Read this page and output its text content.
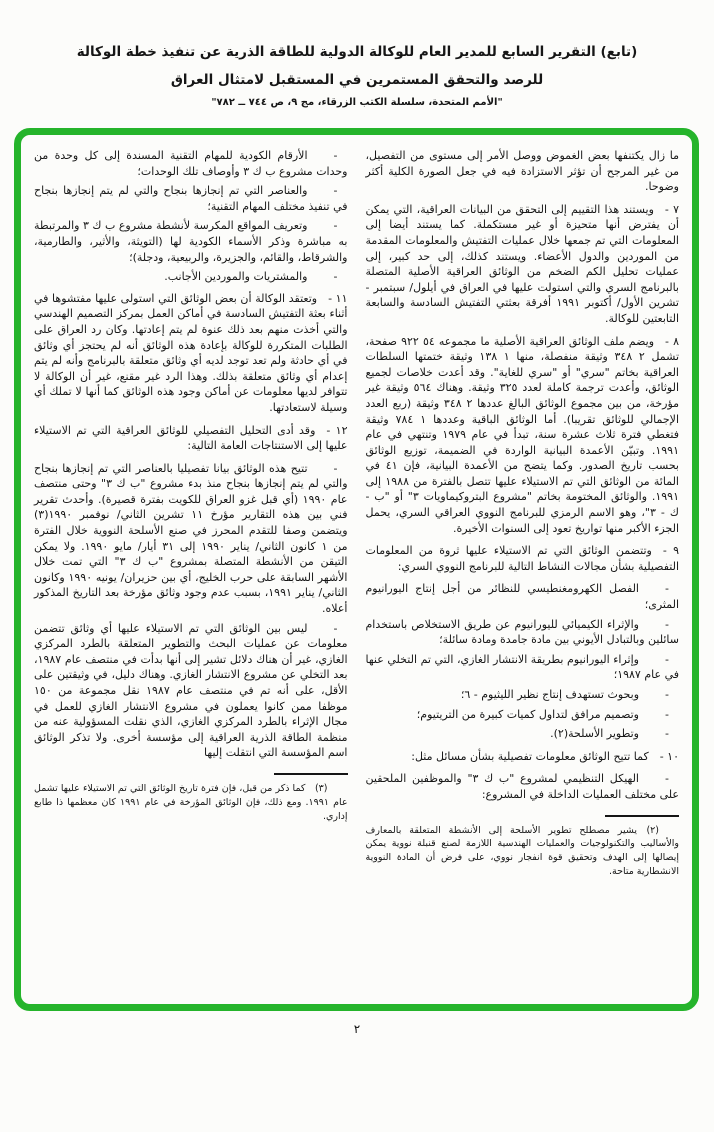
(تابع) التقرير السابع للمدير العام للوكالة الدولية للطاقة الذرية عن تنفيذ خطة الوكالة

للرصد والتحقق المستمرين في المستقبل لامتثال العراق

"الأمم المتحدة، سلسلة الكتب الزرقاء، مج ٩، ص ٧٤٤ ــ ٧٨٢"

ما زال يكتنفها بعض الغموض ووصل الأمر إلى مستوى من التفصيل، من غير المرجح أن تؤثر الاستزادة فيه في جعل الصورة الكلية أكثر وضوحا.

٧ - ويستند هذا التقييم إلى التحقق من البيانات العراقية، التي يمكن أن يفترض أنها متحيزة أو غير مستكملة. كما يستند أيضا إلى المعلومات التي تم جمعها خلال عمليات التفتيش والمعلومات المقدمة من الموردين والدول الأعضاء. ويستند كذلك، إلى حد كبير، إلى عمليات تحليل الكم الضخم من الوثائق العراقية الأصلية المتصلة بالبرنامج السري والتي استولت عليها في العراق في أيلول/ سبتمبر - تشرين الأول/ أكتوبر ١٩٩١ أفرقة بعثتي التفتيش السادسة والسابعة التابعتين للوكالة.

٨ - ويضم ملف الوثائق العراقية الأصلية ما مجموعه ٥٤ ٩٢٢ صفحة، تشمل ٢ ٣٤٨ وثيقة منفصلة، منها ١ ١٣٨ وثيقة ختمتها السلطات العراقية بخاتم "سري" أو "سري للغاية". وقد أعدت خلاصات لجميع الوثائق، وأعدت ترجمة كاملة لعدد ٣٢٥ وثيقة. وهناك ٥٦٤ وثيقة غير مؤرخة، من بين مجموع الوثائق البالغ عددها ٢ ٣٤٨ وثيقة (ربع العدد الإجمالي للوثائق تقريبا). أما الوثائق الباقية وعددها ١ ٧٨٤ وثيقة فتغطي فترة ثلاث عشرة سنة، تبدأ في عام ١٩٧٩ وتنتهي في عام ١٩٩١. وتبيّن الأعمدة البيانية الواردة في الضميمة، توزيع الوثائق بحسب تاريخ الصدور. وكما يتضح من الأعمدة البيانية، فإن ٤١ في المائة من الوثائق التي تم الاستيلاء عليها تتصل بالفترة من ١٩٨٨ إلى ١٩٩١. والوثائق المختومة بخاتم "مشروع البتروكيماويات ٣" أو "ب - ك - ٣"، وهو الاسم الرمزي للبرنامج النووي العراقي السري، يحمل الجزء الأكبر منها تواريخ تعود إلى السنوات الأخيرة.

٩ - وتتضمن الوثائق التي تم الاستيلاء عليها ثروة من المعلومات التفصيلية بشأن مجالات النشاط التالية للبرنامج النووي السري:

-
الفصل الكهرومغنطيسي للنظائر من أجل إنتاج اليورانيوم المثرى؛
-
والإثراء الكيميائي لليورانيوم عن طريق الاستخلاص باستخدام سائلين وبالتبادل الأيوني بين مادة جامدة ومادة سائلة؛
-
وإثراء اليورانيوم بطريقة الانتشار الغازي، التي تم التخلي عنها في عام ١٩٨٧؛
-
وبحوث تستهدف إنتاج نظير الليثيوم - ٦؛
-
وتصميم مرافق لتداول كميات كبيرة من التريتيوم؛
-
وتطوير الأسلحة(٢).

١٠ - كما تتيح الوثائق معلومات تفصيلية بشأن مسائل مثل:

-
الهيكل التنظيمي لمشروع "ب ك ٣" والموظفين الملحقين على مختلف العمليات الداخلة في المشروع:

(٢) يشير مصطلح تطوير الأسلحة إلى الأنشطة المتعلقة بالمعارف والأساليب والتكنولوجيات والعمليات الهندسية اللازمة لصنع قنبلة نووية يمكن إيصالها إلى الهدف وتحقيق قوة انفجار نووي، على فرض أن المادة النووية الانشطارية متاحة.

-
الأرقام الكودية للمهام التقنية المسندة إلى كل وحدة من وحدات مشروع ب ك ٣ وأوصاف تلك الوحدات؛
-
والعناصر التي تم إنجازها بنجاح والتي لم يتم إنجازها بنجاح في تنفيذ مختلف المهام التقنية؛
-
وتعريف المواقع المكرسة لأنشطة مشروع ب ك ٣ والمرتبطة به مباشرة وذكر الأسماء الكودية لها (التويثة، والأثير، والطارمية، والشرقاط، والقائم، والجزيرة، والربيعية، ودجلة)؛
-
والمشتريات والموردين الأجانب.

١١ - وتعتقد الوكالة أن بعض الوثائق التي استولى عليها مفتشوها في أثناء بعثة التفتيش السادسة في أماكن العمل بمركز التصميم الهندسي والتي أخذت منهم بعد ذلك عنوة لم يتم إعادتها. وكان رد العراق على الطلبات المتكررة للوكالة بإعادة هذه الوثائق أنه لم يحتجز أي وثائق في أي حادثة ولم تعد توجد لديه أي وثائق متعلقة بالبرنامج وأنه لم يتم إعدام أي وثائق متعلقة بذلك. وهذا الرد غير مقنع، غير أن الوكالة لا تتوافر لديها معلومات عن أماكن وجود هذه الوثائق كما أنها لا تملك أي وسيلة لاستعادتها.

١٢ - وقد أدى التحليل التفصيلي للوثائق العراقية التي تم الاستيلاء عليها إلى الاستنتاجات العامة التالية:

-
تتيح هذه الوثائق بيانا تفصيليا بالعناصر التي تم إنجازها بنجاح والتي لم يتم إنجازها بنجاح منذ بدء مشروع "ب ك ٣" وحتى منتصف عام ١٩٩٠ (أي قبل غزو العراق للكويت بفترة قصيرة). وأحدث تقرير فني بين هذه التقارير مؤرخ ١١ تشرين الثاني/ نوفمبر ١٩٩٠(٣) ويتضمن وصفا للتقدم المحرز في صنع الأسلحة النووية خلال الفترة من ١ كانون الثاني/ يناير ١٩٩٠ إلى ٣١ أيار/ مايو ١٩٩٠. ولا يمكن التيقن من الأنشطة المتصلة بمشروع "ب ك ٣" التي تمت خلال الأشهر السابقة على حرب الخليج، أي بين حزيران/ يونيه ١٩٩٠ وكانون الثاني/ يناير ١٩٩١، بسبب عدم وجود وثائق مؤرخة بعد التاريخ المذكور أعلاه.
-
ليس بين الوثائق التي تم الاستيلاء عليها أي وثائق تتضمن معلومات عن عمليات البحث والتطوير المتعلقة بالطرد المركزي الغازي، غير أن هناك دلائل تشير إلى أنها بدأت في منتصف عام ١٩٨٧، بعد التخلي عن مشروع الانتشار الغازي. وهناك دليل، في وثيقتين على الأقل، على أنه تم في منتصف عام ١٩٨٧ نقل مجموعة من ١٥٠ موظفا ممن كانوا يعملون في مشروع الانتشار الغازي للعمل في مجال الإثراء بالطرد المركزي الغازي، الذي نقلت المسؤولية عنه من منظمة الطاقة الذرية العراقية إلى مؤسسة أخرى. ولا تذكر الوثائق اسم المؤسسة التي انتقلت إليها

(٣) كما ذكر من قبل، فإن فترة تاريخ الوثائق التي تم الاستيلاء عليها تشمل عام ١٩٩١. ومع ذلك، فإن الوثائق المؤرخة في عام ١٩٩١ كان معظمها ذا طابع إداري.

٢
